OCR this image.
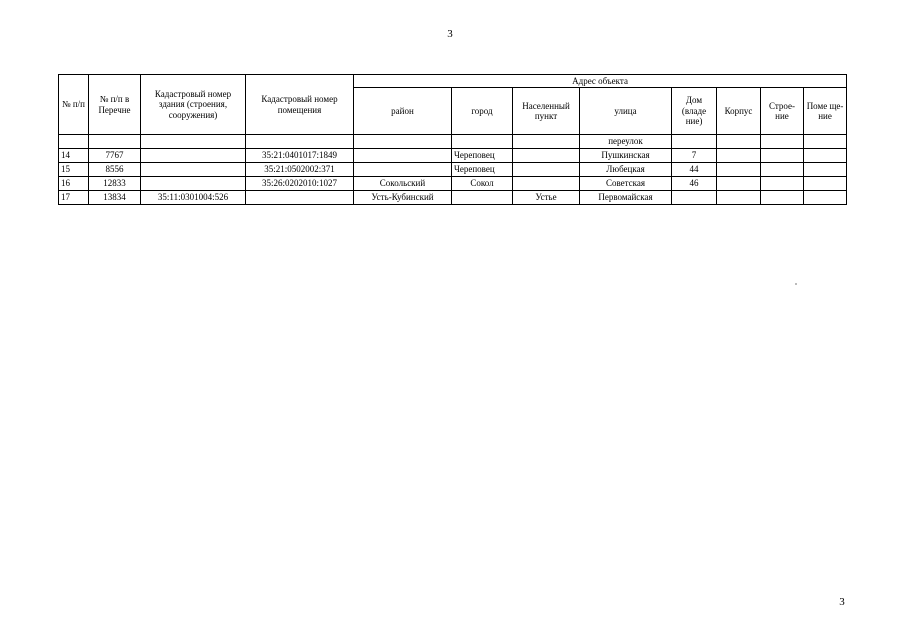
3
№ п/п	№ п/п в Перечне	Кадастровый номер здания (строения, сооружения)	Кадастровый номер помещения	Адрес объекта							
				район	город	Населенный пункт	улица	Дом (владе ние)	Корпус	Строе- ние	Поме ще- ние
							переулок				
14	7767		35:21:0401017:1849		Череповец		Пушкинская	7			
15	8556		35:21:0502002:371		Череповец		Любецкая	44			
16	12833		35:26:0202010:1027	Сокольский	Сокол		Советская	46			
17	13834	35:11:0301004:526		Усть-Кубинский		Устье	Первомайская				
3
